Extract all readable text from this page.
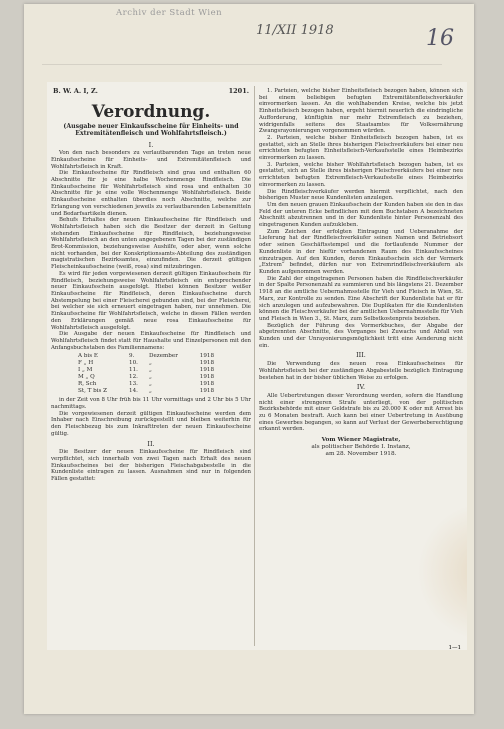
Archiv der Stadt Wien
11/XII 1918	16
B. W. A. I, Z.	1201.
Verordnung.
(Ausgabe neuer Einkaufsscheine für Einheits- und Extremitätenfleisch und Wohlfahrtsfleisch.)
I.

Von den nach besonders zu verlautbarenden Tage an treten neue Einkaufsscheine für Einheits- und Extremitätenfleisch und Wohlfahrtsfleisch in Kraft.

Die Einkaufsscheine für Rindfleisch sind grau und enthalten 60 Abschnitte für je eine halbe Wochenmenge Rindfleisch. Die Einkaufsscheine für Wohlfahrtsfleisch sind rosa und enthalten 30 Abschnitte für je eine volle Wochenmenge Wohlfahrtsfleisch. Beide Einkaufsscheine enthalten überdies noch Abschnitte, welche zur Erlangung von verschiedenen jeweils zu verlautbarenden Lebensmitteln und Bedarfsartikeln dienen.

Behufs Erhaltes der neuen Einkaufsscheine für Rindfleisch und Wohlfahrtsfleisch haben sich die Besitzer der derzeit in Geltung stehenden Einkaufsscheine für Rindfleisch, beziehungsweise Wohlfahrtsfleisch an den unten angegebenen Tagen bei der zuständigen Brot-Kommission, beziehungsweise Aushilfe, oder aber, wenn solche nicht vorhanden, bei der Konskriptionsamts-Abteilung des zuständigen magistratischen Bezirksamtes, einzufinden. Die derzeit gültigen Fleischeinkaufsscheine (weiß, rosa) sind mitzubringen.

Es wird für jeden vorgewiesenen derzeit gültigen Einkaufsschein für Rindfleisch, beziehungsweise Wohlfahrtsfleisch ein entsprechender neuer Einkaufsschein ausgefolgt. Hiebei können Besitzer weißer Einkaufsscheine für Rindfleisch, deren Einkaufsscheine durch Abstempelung bei einer Fleischerei gebunden sind, bei der Fleischerei, bei welcher sie sich erneuert eingetragen haben, nur unnehmen. Die Einkaufsscheine für Wohlfahrtsfleisch, welche in diesen Fällen werden den Erklärungen gemäß neue rosa Einkaufsscheine für Wohlfahrtsfleisch ausgefolgt.

Die Ausgabe der neuen Einkaufsscheine für Rindfleisch und Wohlfahrtsfleisch findet statt für Haushalte und Einzelpersonen mit den Anfangsbuchstaben des Familiennamens:

A bis E	9.	Dezember	1918
F „ H	10.	„	1918
I „ M	11.	„	1918
M „ Q	12.	„	1918
R, Sch	13.	„	1918
St, T bis Z	14.	„	1918

in der Zeit von 8 Uhr früh bis 11 Uhr vormittags und 2 Uhr bis 5 Uhr nachmittags.

Die vorgewiesenen derzeit gültigen Einkaufsscheine werden dem Inhaber nach Einschreibung zurückgestellt und bleiben weiterhin für den Fleischbezug bis zum Inkrafttreten der neuen Einkaufsscheine gültig.

II.

Die Besitzer der neuen Einkaufsscheine für Rindfleisch sind verpflichtet, sich innerhalb von zwei Tagen nach Erhalt des neuen Einkaufsscheines bei der bisherigen Fleischabgabestelle in die Kundenliste eintragen zu lassen. Ausnahmen sind nur in folgenden Fällen gestattet:

1. Parteien, welche bisher Einheitsfleisch bezogen haben, können sich bei einem beliebigen befugten Extremitätenfleischverkäufer einvormerken lassen. An die wohlhabenden Kreise, welche bis jetzt Einheitsfleisch bezogen haben, ergeht hiermit neuerlich die eindringliche Aufforderung, künftighin nur mehr Extremfleisch zu beziehen, widrigenfalls seitens des Staatsamtes für Volksernährung Zwangsrayonierungen vorgenommen würden.

2. Parteien, welche bisher Einheitsfleisch bezogen haben, ist es gestattet, sich an Stelle ihres bisherigen Fleischverkäufers bei einer neu errichteten befugten Einheitsfleisch-Verkaufsstelle eines Heimbezirks einvormerken zu lassen.

3. Parteien, welche bisher Wohlfahrtsfleisch bezogen haben, ist es gestattet, sich an Stelle ihres bisherigen Fleischverkäufers bei einer neu errichteten befugten Extremfleisch-Verkaufsstelle eines Heimbezirks einvormerken zu lassen.

Die Rindfleischverkäufer werden hiermit verpflichtet, nach den bisherigen Muster neue Kundenlisten anzulegen.

Um den neuen grauen Einkaufsschein der Kunden haben sie den in das Feld der unteren Ecke befindlichen mit dem Buchstaben A bezeichneten Abschnitt abzutrennen und in der Kundenliste hinter Personenzahl des eingetragenen Kunden aufzukleben.

Zum Zeichen der erfolgten Eintragung und Ueberanahme der Lieferung hat der Rindfleischverkäufer seinen Namen und Betriebsort oder seinen Geschäftsstempel und die fortlaufende Nummer der Kundenliste in der hiefür vorhandenen Raum des Einkaufsscheines einzutragen. Auf den Kunden, deren Einkaufsschein sich der Vermerk „Extrem“ befindet, dürfen nur von Extremrindfleischverkäufern als Kunden aufgenommen werden.

Die Zahl der eingetragenen Personen haben die Rindfleischverkäufer in der Spalte Personenzahl zu summieren und bis längstens 21. Dezember 1918 an die amtliche Uebernahmsstelle für Vieh und Fleisch in Wien, St. Marx, zur Kontrolle zu senden. Eine Abschrift der Kundenliste hat er für sich anzulegen und aufzubewahren. Die Duplikaten für die Kundenlisten können die Fleischverkäufer bei der amtlichen Uebernahmsstelle für Vieh und Fleisch in Wien 3., St. Marx, zum Selbstkostenpreis beziehen.

Bezüglich der Führung des Vormerkbuches, der Abgabe der abgetrennten Abschnitte, des Vorganges bei Zuwachs und Abfall von Kunden und der Unrayonierungsmöglichkeit tritt eine Aenderung nicht ein.

III.

Die Verwendung des neuen rosa Einkaufsscheines für Wohlfahrtsfleisch bei der zuständigen Abgabestelle bezüglich Eintragung bestehen hat in der bisher üblichen Weise zu erfolgen.

IV.

Alle Uebertretungen dieser Verordnung werden, sofern die Handlung nicht einer strengeren Strafe unterliegt, von der politischen Bezirksbehörde mit einer Geldstrafe bis zu 20.000 K oder mit Arrest bis zu 6 Monaten bestraft. Auch kann bei einer Uebertretung in Ausübung eines Gewerbes begangen, so kann auf Verlust der Gewerbeberechtigung erkannt werden.

Vom Wiener Magistrate,
als politischer Behörde I. Instanz,
am 28. November 1918.
1—1
